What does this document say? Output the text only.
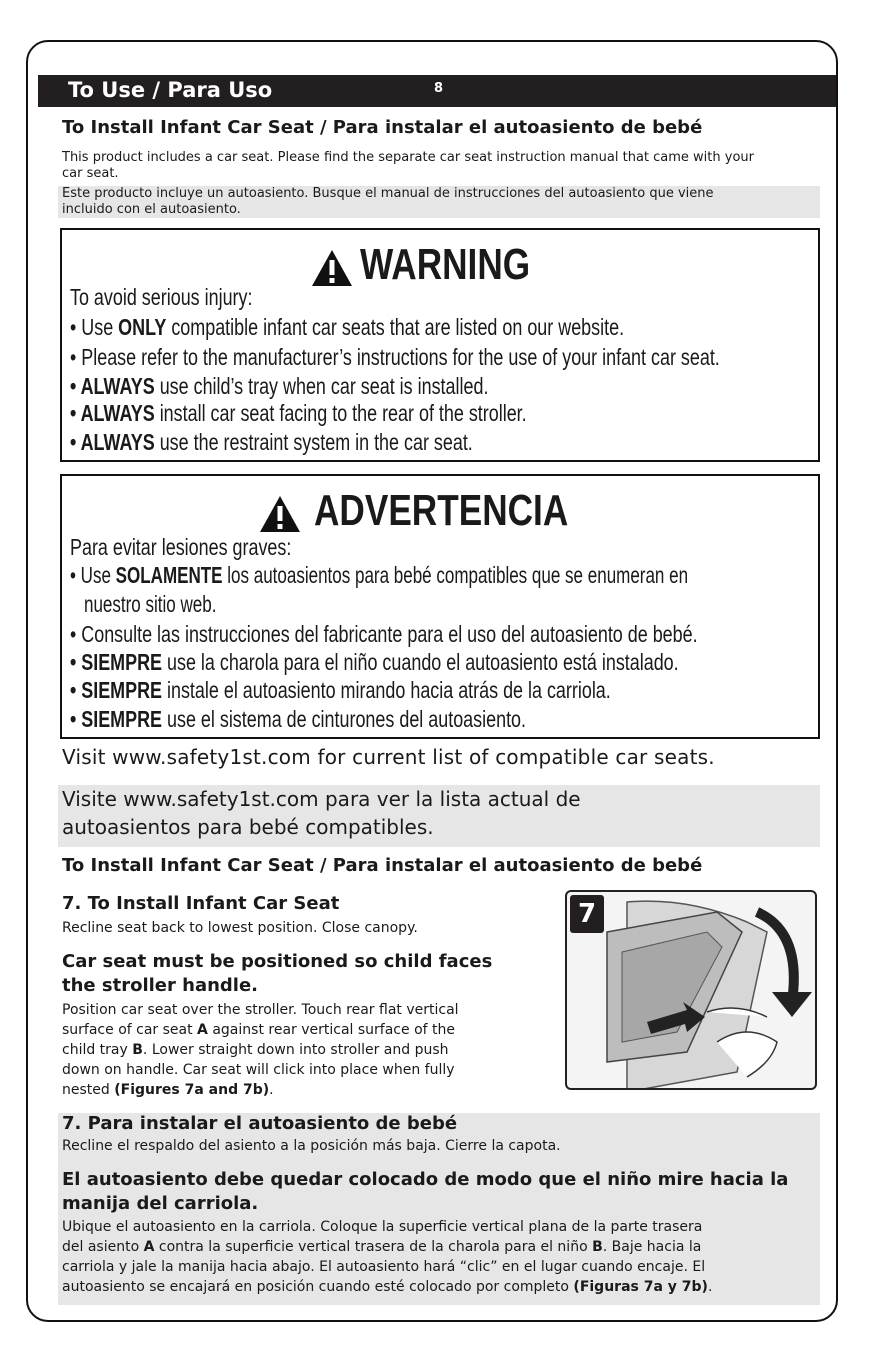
To Use / Para Uso	8
To Install Infant Car Seat / Para instalar el autoasiento de bebé
This product includes a car seat. Please find the separate car seat instruction manual that came with your
car seat.
Este producto incluye un autoasiento. Busque el manual de instrucciones del autoasiento que viene
incluido con el autoasiento.
WARNING
To avoid serious injury:
• Use ONLY compatible infant car seats that are listed on our website.
• Please refer to the manufacturer’s instructions for the use of your infant car seat.
• ALWAYS use child’s tray when car seat is installed.
• ALWAYS install car seat facing to the rear of the stroller.
• ALWAYS use the restraint system in the car seat.
ADVERTENCIA
Para evitar lesiones graves:
• Use SOLAMENTE los autoasientos para bebé compatibles que se enumeran en
nuestro sitio web.
• Consulte las instrucciones del fabricante para el uso del autoasiento de bebé.
• SIEMPRE use la charola para el niño cuando el autoasiento está instalado.
• SIEMPRE instale el autoasiento mirando hacia atrás de la carriola.
• SIEMPRE use el sistema de cinturones del autoasiento.
Visit www.safety1st.com for current list of compatible car seats.
Visite www.safety1st.com para ver la lista actual de
autoasientos para bebé compatibles.
To Install Infant Car Seat / Para instalar el autoasiento de bebé
7. To Install Infant Car Seat
Recline seat back to lowest position. Close canopy.
Car seat must be positioned so child faces
the stroller handle.
Position car seat over the stroller. Touch rear flat vertical
surface of car seat A against rear vertical surface of the
child tray B. Lower straight down into stroller and push
down on handle. Car seat will click into place when fully
nested (Figures 7a and 7b).
7
7. Para instalar el autoasiento de bebé
Recline el respaldo del asiento a la posición más baja. Cierre la capota.
El autoasiento debe quedar colocado de modo que el niño mire hacia la
manija del carriola.
Ubique el autoasiento en la carriola. Coloque la superficie vertical plana de la parte trasera
del asiento A contra la superficie vertical trasera de la charola para el niño B. Baje hacia la
carriola y jale la manija hacia abajo. El autoasiento hará “clic” en el lugar cuando encaje. El
autoasiento se encajará en posición cuando esté colocado por completo (Figuras 7a y 7b).
